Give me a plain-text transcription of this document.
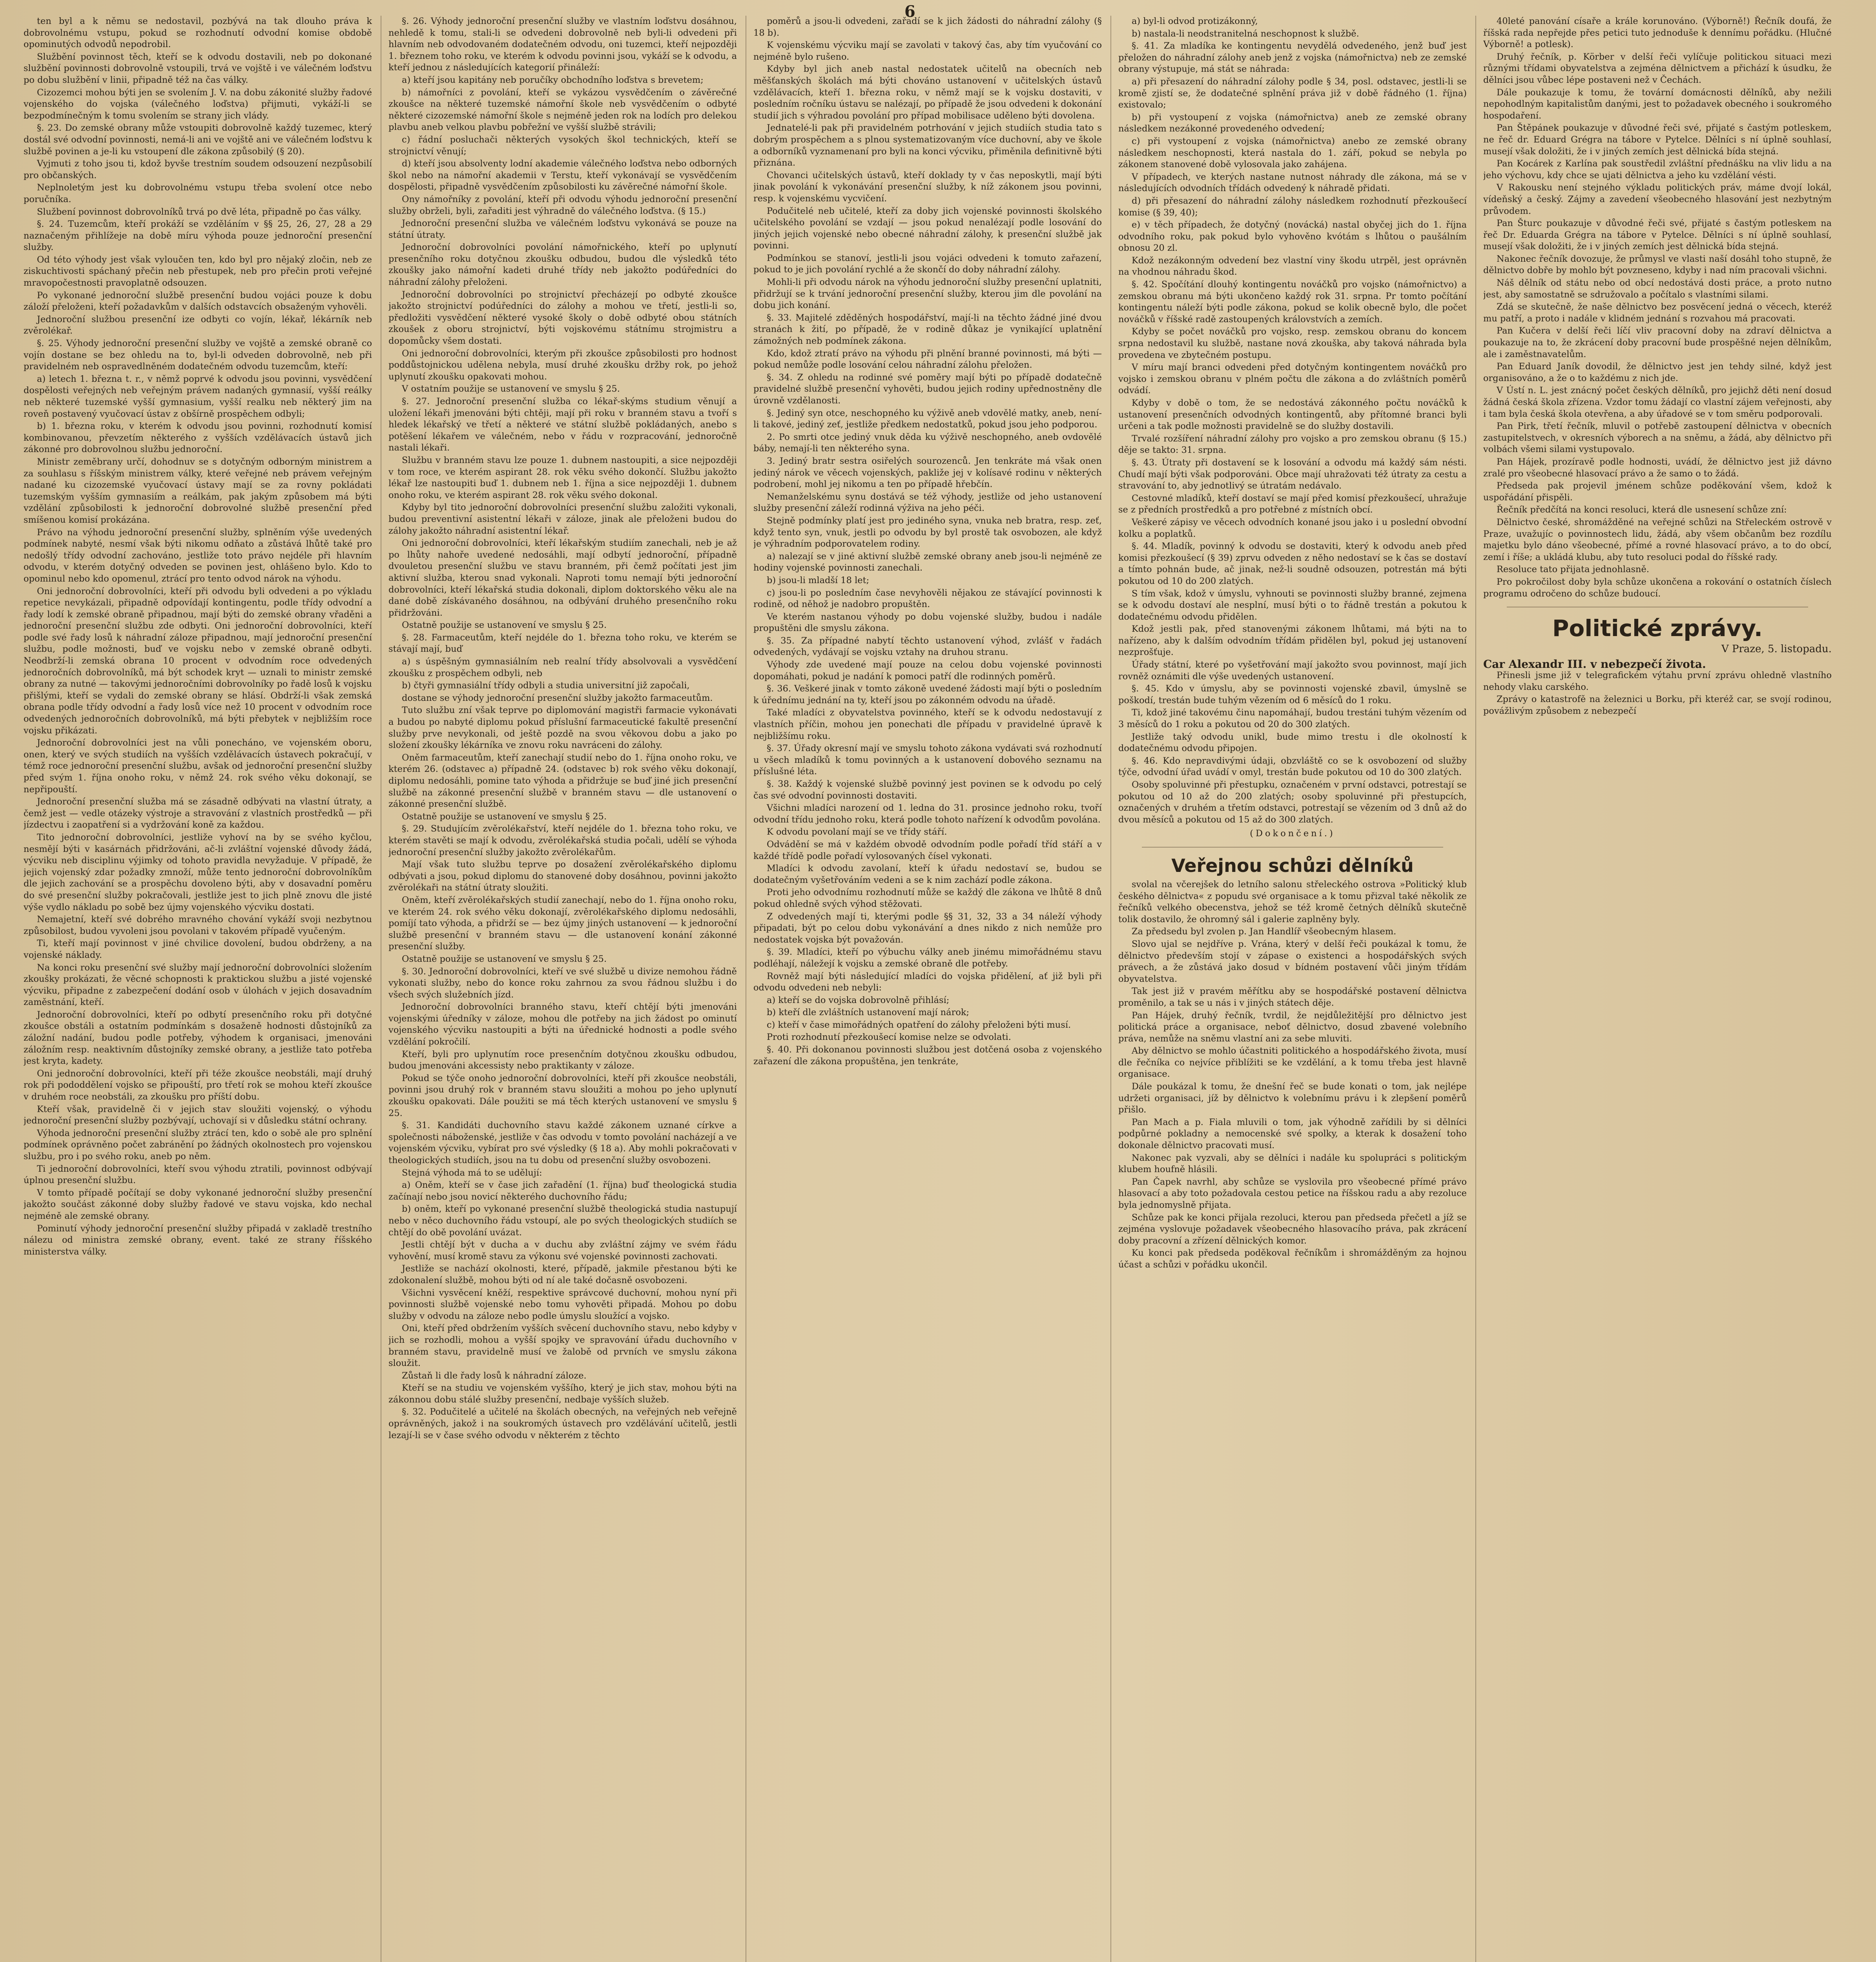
6

ten byl a k němu se nedostavil, pozbývá na tak dlouho práva k dobrovolnému vstupu, pokud se rozhodnutí odvodní komise obdobě opominutých odvodů nepodrobil.

Službění povinnost těch, kteří se k odvodu dostavili, neb po dokonané službění povinnosti dobrovolně vstoupili, trvá ve vojště i ve válečném loďstvu po dobu službění v linii, připadně též na čas války.

Cizozemci mohou býti jen se svolením J. V. na dobu zákonité služby řadové vojenského do vojska (válečného loďstva) přijmuti, vykáží-li se bezpodmínečným k tomu svolením se strany jich vlády.

§. 23. Do zemské obrany může vstoupiti dobrovolně každý tuzemec, který dostál své odvodní povinnosti, nemá-li ani ve vojště ani ve válečném loďstvu k službě povinen a je-li ku vstoupení dle zákona způsobilý (§ 20).

Vyjmuti z toho jsou ti, kdož byvše trestním soudem odsouzení nezpůsobilí pro občanských.

Neplnoletým jest ku dobrovolnému vstupu třeba svolení otce nebo poručníka.

Službení povinnost dobrovolníků trvá po dvě léta, připadně po čas války.

§. 24. Tuzemcům, kteří prokáží se vzděláním v §§ 25, 26, 27, 28 a 29 naznačeným přihlížeje na době míru výhoda pouze jednoroční presenční služby.

Od této výhody jest však vyloučen ten, kdo byl pro nějaký zločin, neb ze ziskuchtivosti spáchaný přečin neb přestupek, neb pro přečin proti veřejné mravopočestnosti pravoplatně odsouzen.

Po vykonané jednoroční službě presenční budou vojáci pouze k dobu záloží přeloženi, kteří požadavkům v dalších odstavcích obsaženým vyhověli.

Jednoroční službou presenční ize odbyti co vojín, lékař, lékárník neb zvěrolékař.

§. 25. Výhody jednoroční presenční služby ve vojště a zemské obraně co vojín dostane se bez ohledu na to, byl-li odveden dobrovolně, neb při pravidelném neb ospravedlněném dodatečném odvodu tuzemcům, kteří:

a) letech 1. března t. r., v němž poprvé k odvodu jsou povinni, vysvědčení dospělosti veřejných neb veřejným právem nadaných gymnasií, vyšší reálky neb některé tuzemské vyšší gymnasium, vyšší realku neb některý jim na roveň postavený vyučovací ústav z obšírně prospěchem odbyli;

b) 1. března roku, v kterém k odvodu jsou povinni, rozhodnutí komisí kombinovanou, převzetím některého z vyšších vzdělávacích ústavů jich zákonné pro dobrovolnou službu jednoroční.

Ministr zeměbrany určí, dohodnuv se s dotyčným odborným ministrem a za souhlasu s říšským ministrem války, které veřejné neb právem veřejným nadané ku cizozemské vyučovací ústavy mají se za rovny pokládati tuzemským vyšším gymnasiím a reálkám, pak jakým způsobem má býti vzdělání způsobilosti k jednoroční dobrovolné službě presenční před smíšenou komisí prokázána.

Právo na výhodu jednoroční presenční služby, splněním výše uvedených podmínek nabyté, nesmí však býti nikomu odňato a zůstává lhůtě také pro nedošlý třídy odvodní zachováno, jestliže toto právo nejdéle při hlavním odvodu, v kterém dotyčný odveden se povinen jest, ohlášeno bylo. Kdo to opominul nebo kdo opomenul, ztrácí pro tento odvod nárok na výhodu.

Oni jednoroční dobrovolníci, kteří při odvodu byli odvedeni a po výkladu repetice nevykázali, připadně odpovídají kontingentu, podle třídy odvodní a řady lodí k zemské obraně připadnou, mají býti do zemské obrany vřaděni a jednoroční presenční službu zde odbyti. Oni jednoroční dobrovolníci, kteří podle své řady losů k náhradní záloze připadnou, mají jednoroční presenční službu, podle možnosti, buď ve vojsku nebo v zemské obraně odbyti. Neodbrží-li zemská obrana 10 procent v odvodním roce odvedených jednoročních dobrovolníků, má být schodek kryt — uznali to ministr zemské obrany za nutné — takovými jednoročními dobrovolníky po řadě losů k vojsku přišlými, kteří se vydali do zemské obrany se hlásí. Obdrží-li však zemská obrana podle třídy odvodní a řady losů více než 10 procent v odvodním roce odvedených jednoročních dobrovolníků, má býti přebytek v nejbližším roce vojsku přikázati.

Jednoroční dobrovolníci jest na vůli ponecháno, ve vojenském oboru, onen, který ve svých studiích na vyšších vzdělávacích ústavech pokračují, v témž roce jednoroční presenční službu, avšak od jednoroční presenční služby před svým 1. října onoho roku, v němž 24. rok svého věku dokonají, se nepřipouští.

Jednoroční presenční služba má se zásadně odbývati na vlastní útraty, a čemž jest — vedle otázeky výstroje a stravování z vlastních prostředků — při jízdectvu i zaopatření si a vydržování koně za každou.

Tito jednoroční dobrovolníci, jestliže vyhoví na by se svého kyčlou, nesmějí býti v kasárnách přidržováni, ač-li zvláštní vojenské důvody žádá, výcviku neb disciplinu výjimky od tohoto pravidla nevyžaduje. V případě, že jejich vojenský zdar požadky zmnoží, může tento jednoroční dobrovolníkům dle jejich zachování se a prospěchu dovoleno býti, aby v dosavadní poměru do své presenční služby pokračovali, jestliže jest to jich plně znovu dle jisté výše vydlo nákladu po sobě bez újmy vojenského výcviku dostati.

Nemajetní, kteří své dobrého mravného chování vykáží svoji nezbytnou způsobilost, budou vyvoleni jsou povolani v takovém případě vyučeným.

Ti, kteří mají povinnost v jiné chvilice dovolení, budou obdrženy, a na vojenské náklady.

Na konci roku presenční své služby mají jednoroční dobrovolníci složením zkoušky prokázati, že věcné schopnosti k praktickou službu a jisté vojenské výcviku, připadne z zabezpečení dodání osob v úlohách v jejich dosavadním zaměstnání, kteří.

Jednoroční dobrovolníci, kteří po odbytí presenčního roku při dotyčné zkoušce obstáli a ostatním podmínkám s dosaženě hodnosti důstojníků za záložní nadání, budou podle potřeby, výhodem k organisaci, jmenováni záložním resp. neaktivním důstojníky zemské obrany, a jestliže tato potřeba jest kryta, kadety.

Oni jednoroční dobrovolníci, kteří při téže zkoušce neobstáli, mají druhý rok při pododdělení vojsko se připouští, pro třetí rok se mohou kteří zkoušce v druhém roce neobstáli, za zkoušku pro příští dobu.

Kteří však, pravidelně či v jejich stav sloužiti vojenský, o výhodu jednoroční presenční služby pozbývají, uchovají si v důsledku státní ochrany.

Výhoda jednoroční presenční služby ztrácí ten, kdo o sobě ale pro splnění podmínek oprávněno počet zabránění po žádných okolnostech pro vojenskou službu, pro i po svého roku, aneb po něm.

Ti jednoroční dobrovolníci, kteří svou výhodu ztratili, povinnost odbývají úplnou presenční službu.

V tomto případě počítají se doby vykonané jednoroční služby presenční jakožto součást zákonné doby služby řadové ve stavu vojska, kdo nechal nejméně ale zemské obrany.

Pominutí výhody jednoroční presenční služby připadá v zakladě trestního nálezu od ministra zemské obrany, event. také ze strany říšského ministerstva války.

§. 26. Výhody jednoroční presenční služby ve vlastním loďstvu dosáhnou, nehledě k tomu, stali-li se odvedeni dobrovolně neb byli-li odvedeni při hlavním neb odvodovaném dodatečném odvodu, oni tuzemci, kteří nejpozději 1. březnem toho roku, ve kterém k odvodu povinni jsou, vykáží se k odvodu, a kteří jednou z následujících kategorií přináleží:

a) kteří jsou kapitány neb poručíky obchodního loďstva s brevetem;

b) námořníci z povolání, kteří se vykázou vysvědčením o závěrečné zkoušce na některé tuzemské námořní škole neb vysvědčením o odbyté některé cizozemské námořní škole s nejméně jeden rok na lodích pro delekou plavbu aneb velkou plavbu pobřežní ve vyšší službě strávili;

c) řádní posluchači některých vysokých škol technických, kteří se strojnictví věnují;

d) kteří jsou absolventy lodní akademie válečného loďstva nebo odborných škol nebo na námořní akademii v Terstu, kteří vykonávají se vysvědčením dospělosti, připadně vysvědčením způsobilosti ku závěrečné námořní škole.

Ony námořníky z povolání, kteří při odvodu výhodu jednoroční presenční služby obrželi, byli, zařaditi jest výhradně do válečného loďstva. (§ 15.)

Jednoroční presenční služba ve válečném loďstvu vykonává se pouze na státní útraty.

Jednoroční dobrovolníci povolání námořnického, kteří po uplynutí presenčního roku dotyčnou zkoušku odbudou, budou dle výsledků této zkoušky jako námořní kadeti druhé třídy neb jakožto podúředníci do náhradní zálohy přeloženi.

Jednoroční dobrovolníci po strojnictví přecházejí po odbyté zkoušce jakožto strojnictví podúředníci do zálohy a mohou ve třetí, jestli-li so, předložiti vysvědčení některé vysoké školy o době odbyté obou státních zkoušek z oboru strojnictví, býti vojskovému státnímu strojmistru a dopomůcky všem dostati.

Oni jednoroční dobrovolníci, kterým při zkoušce způsobilosti pro hodnost poddůstojnickou udělena nebyla, musí druhé zkoušku držby rok, po jehož uplynutí zkoušku opakovati mohou.

V ostatním použije se ustanovení ve smyslu § 25.

§. 27. Jednoroční presenční služba co lékař-skýms studium věnují a uložení lékaři jmenováni býti chtěji, mají při roku v branném stavu a tvoří s hledek lékařský ve třetí a některé ve státní službě pokládaných, anebo s potěšení lékařem ve válečném, nebo v řádu v rozpracování, jednoročně nastali lékaři.

Službu v branném stavu lze pouze 1. dubnem nastoupiti, a sice nejpozději v tom roce, ve kterém aspirant 28. rok věku svého dokončí. Službu jakožto lékař lze nastoupiti buď 1. dubnem neb 1. října a sice nejpozději 1. dubnem onoho roku, ve kterém aspirant 28. rok věku svého dokonal.

Kdyby byl tito jednoroční dobrovolníci presenční službu založiti vykonali, budou preventivní asistentní lékaři v záloze, jinak ale přeloženi budou do zálohy jakožto náhradní asistentní lékař.

Oni jednoroční dobrovolníci, kteří lékařským studiím zanechali, neb je až po lhůty nahoře uvedené nedosáhli, mají odbytí jednoroční, případně dvouletou presenční službu ve stavu branném, při čemž počítati jest jim aktivní služba, kterou snad vykonali. Naproti tomu nemají býti jednoroční dobrovolníci, kteří lékařská studia dokonali, diplom doktorského věku ale na dané době získávaného dosáhnou, na odbývání druhého presenčního roku přidržováni.

Ostatně použije se ustanovení ve smyslu § 25.

§. 28. Farmaceutům, kteří nejdéle do 1. března toho roku, ve kterém se stávají mají, buď

a) s úspěšným gymnasiálním neb realní třídy absolvovali a vysvědčení zkoušku z prospěchem odbyli, neb

b) čtyři gymnasiální třídy odbyli a studia universitní již započali,

dostane se výhody jednoroční presenční služby jakožto farmaceutům.

Tuto službu zní však teprve po diplomování magistři farmacie vykonávati a budou po nabyté diplomu pokud příslušní farmaceutické fakultě presenční služby prve nevykonali, od ještě pozdě na svou věkovou dobu a jako po složení zkoušky lékárníka ve znovu roku navráceni do zálohy.

Oněm farmaceutům, kteří zanechají studií nebo do 1. října onoho roku, ve kterém 26. (odstavec a) případně 24. (odstavec b) rok svého věku dokonají, diplomu nedosáhli, pomine tato výhoda a přidržuje se buď jiné jich presenční službě na zákonné presenční službě v branném stavu — dle ustanovení o zákonné presenční službě.

Ostatně použije se ustanovení ve smyslu § 25.

§. 29. Studujícím zvěrolékařství, kteří nejdéle do 1. března toho roku, ve kterém stavěti se mají k odvodu, zvěrolékařská studia počali, udělí se výhoda jednoroční presenční služby jakožto zvěrolékařům.

Mají však tuto službu teprve po dosažení zvěrolékařského diplomu odbývati a jsou, pokud diplomu do stanovené doby dosáhnou, povinni jakožto zvěrolékaři na státní útraty sloužiti.

Oněm, kteří zvěrolékařských studií zanechají, nebo do 1. října onoho roku, ve kterém 24. rok svého věku dokonají, zvěrolékařského diplomu nedosáhli, pomíjí tato výhoda, a přidrží se — bez újmy jiných ustanovení — k jednoroční službě presenční v branném stavu — dle ustanovení konání zákonné presenční služby.

Ostatně použije se ustanovení ve smyslu § 25.

§. 30. Jednoroční dobrovolníci, kteří ve své službě u divize nemohou řádně vykonati služby, nebo do konce roku zahrnou za svou řádnou službu i do všech svých služebních jízd.

Jednoroční dobrovolníci branného stavu, kteří chtějí býti jmenováni vojenskými úředníky v záloze, mohou dle potřeby na jich žádost po ominutí vojenského výcviku nastoupiti a býti na úřednické hodnosti a podle svého vzdělání pokročilí.

Kteří, byli pro uplynutím roce presenčním dotyčnou zkoušku odbudou, budou jmenováni akcessisty nebo praktikanty v záloze.

Pokud se týče onoho jednoroční dobrovolníci, kteří při zkoušce neobstáli, povinni jsou druhý rok v branném stavu sloužiti a mohou po jeho uplynutí zkoušku opakovati. Dále použiti se má těch kterých ustanovení ve smyslu § 25.

§. 31. Kandidáti duchovního stavu každé zákonem uznané církve a společnosti náboženské, jestliže v čas odvodu v tomto povolání nacházejí a ve vojenském výcviku, vybírat pro své výsledky (§ 18 a). Aby mohli pokračovati v theologických studiích, jsou na tu dobu od presenční služby osvobozeni.

Stejná výhoda má to se udělují:

a) Oněm, kteří se v čase jich zařadění (1. října) buď theologická studia začínají nebo jsou novicí některého duchovního řádu;

b) oněm, kteří po vykonané presenční službě theologická studia nastupují nebo v něco duchovního řádu vstoupí, ale po svých theologických studiích se chtějí do obě povolání uvázat.

Jestli chtějí být v ducha a v duchu aby zvláštní zájmy ve svém řádu vyhovění, musí kromě stavu za výkonu své vojenské povinnosti zachovati.

Jestliže se nachází okolnosti, které, případě, jakmile přestanou býti ke zdokonalení službě, mohou býti od ní ale také dočasně osvobozeni.

Všichni vysvěcení kněží, respektive správcové duchovní, mohou nyní při povinnosti službě vojenské nebo tomu vyhověti připadá. Mohou po dobu služby v odvodu na záloze nebo podle úmyslu sloužící a vojsko.

Oni, kteří před obdržením vyšších svěcení duchovního stavu, nebo kdyby v jich se rozhodli, mohou a vyšší spojky ve spravování úřadu duchovního v branném stavu, pravidelně musí ve žalobě od prvních ve smyslu zákona sloužit.

Zůstaň li dle řady losů k náhradní záloze.

Kteří se na studiu ve vojenském vyššího, který je jich stav, mohou býti na zákonnou dobu stálé služby presenční, nedbaje vyšších služeb.

§. 32. Podučitelé a učitelé na školách obecných, na veřejných neb veřejně oprávněných, jakož i na soukromých ústavech pro vzdělávání učitelů, jestli lezají-li se v čase svého odvodu v některém z těchto

poměrů a jsou-li odvedeni, zařadí se k jich žádosti do náhradní zálohy (§ 18 b).

K vojenskému výcviku mají se zavolati v takový čas, aby tím vyučování co nejméně bylo rušeno.

Kdyby byl jich aneb nastal nedostatek učitelů na obecních neb měšťanských školách má býti chováno ustanovení v učitelských ústavů vzdělávacích, kteří 1. března roku, v němž mají se k vojsku dostaviti, v posledním ročníku ústavu se nalézají, po případě že jsou odvedeni k dokonání studií jich s výhradou povolání pro případ mobilisace uděleno býti dovolena.

Jednatelé-li pak při pravidelném potrhování v jejich studiích studia tato s dobrým prospěchem a s plnou systematizovaným více duchovní, aby ve škole a odborníků vyznamenaní pro byli na konci výcviku, přiměnila definitivně býti přiznána.

Chovanci učitelských ústavů, kteří doklady ty v čas neposkytli, mají býti jinak povolání k vykonávání presenční služby, k níž zákonem jsou povinni, resp. k vojenskému vycvičení.

Podučitelé neb učitelé, kteří za doby jich vojenské povinnosti školského učitelského povolání se vzdají — jsou pokud nenalézají podle losování do jiných jejich vojenské nebo obecné náhradní zálohy, k presenční službě jak povinni.

Podmínkou se stanoví, jestli-li jsou vojáci odvedeni k tomuto zařazení, pokud to je jich povolání rychlé a že skončí do doby náhradní zálohy.

Mohli-li při odvodu nárok na výhodu jednoroční služby presenční uplatniti, přidržují se k trvání jednoroční presenční služby, kterou jim dle povolání na dobu jich konání.

§. 33. Majitelé zděděných hospodářství, mají-li na těchto žádné jiné dvou stranách k žití, po případě, že v rodině důkaz je vynikající uplatnění zámožných neb podmínek zákona.

Kdo, kdož ztratí právo na výhodu při plnění branné povinnosti, má býti — pokud nemůže podle losování celou náhradní zálohu přeložen.

§. 34. Z ohledu na rodinné své poměry mají býti po případě dodatečně pravidelné službě presenční vyhověti, budou jejich rodiny upřednostněny dle úrovně vzdělanosti.

§. Jediný syn otce, neschopného ku výživě aneb vdovělé matky, aneb, není-li takové, jediný zeť, jestliže předkem nedostatků, pokud jsou jeho podporou.

2. Po smrti otce jediný vnuk děda ku výživě neschopného, aneb ovdovělé báby, nemají-li ten některého syna.

3. Jediný bratr sestra osiřelých sourozenců. Jen tenkráte má však onen jediný nárok ve věcech vojenských, pakliže jej v kolísavé rodinu v některých podrobení, mohl jej nikomu a ten po případě hřebčín.

Nemanželskému synu dostává se též výhody, jestliže od jeho ustanovení služby presenční záleží rodinná výživa na jeho péči.

Stejně podmínky platí jest pro jediného syna, vnuka neb bratra, resp. zeť, když tento syn, vnuk, jestli po odvodu by byl prostě tak osvobozen, ale když je výhradním podporovatelem rodiny.

a) nalezají se v jiné aktivní službě zemské obrany aneb jsou-li nejméně ze hodiny vojenské povinnosti zanechali.

b) jsou-li mladší 18 let;

c) jsou-li po posledním čase nevyhověli nějakou ze stávající povinnosti k rodině, od něhož je nadobro propuštěn.

Ve kterém nastanou výhody po dobu vojenské služby, budou i nadále propuštěni dle smyslu zákona.

§. 35. Za případné nabytí těchto ustanovení výhod, zvlášť v řadách odvedených, vydávají se vojsku vztahy na druhou stranu.

Výhody zde uvedené mají pouze na celou dobu vojenské povinnosti dopomáhati, pokud je nadání k pomoci patří dle rodinných poměrů.

§. 36. Veškeré jinak v tomto zákoně uvedené žádosti mají býti o posledním k úřednímu jednání na ty, kteří jsou po zákonném odvodu na úřadě.

Také mladíci z obyvatelstva povinného, kteří se k odvodu nedostavují z vlastních příčin, mohou jen ponechati dle případu v pravidelné úpravě k nejbližšímu roku.

§. 37. Úřady okresní mají ve smyslu tohoto zákona vydávati svá rozhodnutí u všech mladíků k tomu povinných a k ustanovení dobového seznamu na příslušné léta.

§. 38. Každý k vojenské službě povinný jest povinen se k odvodu po celý čas své odvodní povinnosti dostaviti.

Všichni mladíci narození od 1. ledna do 31. prosince jednoho roku, tvoří odvodní třídu jednoho roku, která podle tohoto nařízení k odvodům povolána.

K odvodu povolaní mají se ve třídy stáří.

Odvádění se má v každém obvodě odvodním podle pořadí tříd stáří a v každé třídě podle pořadí vylosovaných čísel vykonati.

Mladíci k odvodu zavolaní, kteří k úřadu nedostaví se, budou se dodatečným vyšetřováním vedeni a se k nim zachází podle zákona.

Proti jeho odvodnímu rozhodnutí může se každý dle zákona ve lhůtě 8 dnů pokud ohledně svých výhod stěžovati.

Z odvedených mají ti, kterými podle §§ 31, 32, 33 a 34 náleží výhody připadati, být po celou dobu vykonávání a dnes nikdo z nich nemůže pro nedostatek vojska být považován.

§. 39. Mladíci, kteří po výbuchu války aneb jinému mimořádnému stavu podléhají, náležejí k vojsku a zemské obraně dle potřeby.

Rovněž mají býti následující mladíci do vojska přidělení, ať již byli při odvodu odvedeni neb nebyli:

a) kteří se do vojska dobrovolně přihlásí;

b) kteří dle zvláštních ustanovení mají nárok;

c) kteří v čase mimořádných opatření do zálohy přeloženi býti musí.

Proti rozhodnutí přezkoušecí komise nelze se odvolati.

§. 40. Při dokonanou povinnosti službou jest dotčená osoba z vojenského zařazení dle zákona propuštěna, jen tenkráte,

a) byl-li odvod protizákonný,

b) nastala-li neodstranitelná neschopnost k službě.

§. 41. Za mladíka ke kontingentu nevydělá odvedeného, jenž buď jest přeložen do náhradní zálohy aneb jenž z vojska (námořnictva) neb ze zemské obrany výstupuje, má stát se náhrada:

a) při přesazení do náhradní zálohy podle § 34, posl. odstavec, jestli-li se kromě zjistí se, že dodatečné splnění práva již v době řádného (1. října) existovalo;

b) při vystoupení z vojska (námořnictva) aneb ze zemské obrany následkem nezákonné provedeného odvedení;

c) při vystoupení z vojska (námořnictva) anebo ze zemské obrany následkem neschopnosti, která nastala do 1. září, pokud se nebyla po zákonem stanovené době vylosovala jako zahájena.

V případech, ve kterých nastane nutnost náhrady dle zákona, má se v následujících odvodních třídách odvedený k náhradě přidati.

d) při přesazení do náhradní zálohy následkem rozhodnutí přezkoušecí komise (§ 39, 40);

e) v těch případech, že dotyčný (novácká) nastal obyčej jich do 1. října odvodního roku, pak pokud bylo vyhověno kvótám s lhůtou o paušálním obnosu 20 zl.

Kdož nezákonným odvedení bez vlastní viny škodu utrpěl, jest oprávněn na vhodnou náhradu škod.

§. 42. Spočítání dlouhý kontingentu nováčků pro vojsko (námořnictvo) a zemskou obranu má býti ukončeno každý rok 31. srpna. Pr tomto počítání kontingentu náleží býti podle zákona, pokud se kolik obecně bylo, dle počet nováčků v říšské radě zastoupených královstvích a zemích.

Kdyby se počet nováčků pro vojsko, resp. zemskou obranu do koncem srpna nedostavil ku službě, nastane nová zkouška, aby taková náhrada byla provedena ve zbytečném postupu.

V míru mají branci odvedeni před dotyčným kontingentem nováčků pro vojsko i zemskou obranu v plném počtu dle zákona a do zvláštních poměrů odvádí.

Kdyby v době o tom, že se nedostává zákonného počtu nováčků k ustanovení presenčních odvodných kontingentů, aby přítomné branci byli určeni a tak podle možnosti pravidelně se do služby dostavili.

Trvalé rozšíření náhradní zálohy pro vojsko a pro zemskou obranu (§ 15.) děje se takto: 31. srpna.

§. 43. Útraty při dostavení se k losování a odvodu má každý sám nésti. Chudí mají býti však podporováni. Obce mají uhražovati též útraty za cestu a stravování to, aby jednotlivý se útratám nedávalo.

Cestovné mladíků, kteří dostaví se mají před komisí přezkoušecí, uhražuje se z předních prostředků a pro potřebné z místních obcí.

Veškeré zápisy ve věcech odvodních konané jsou jako i u poslední obvodní kolku a poplatků.

§. 44. Mladík, povinný k odvodu se dostaviti, který k odvodu aneb před komisi přezkoušecí (§ 39) zprvu odveden z něho nedostaví se k čas se dostaví a tímto pohnán bude, ač jinak, než-li soudně odsouzen, potrestán má býti pokutou od 10 do 200 zlatých.

S tím však, kdož v úmyslu, vyhnouti se povinnosti služby branné, zejmena se k odvodu dostaví ale nesplní, musí býti o to řádně trestán a pokutou k dodatečnému odvodu přidělen.

Kdož jestli pak, před stanovenými zákonem lhůtami, má býti na to nařízeno, aby k dalším odvodním třídám přidělen byl, pokud jej ustanovení nezprošťuje.

Úřady státní, které po vyšetřování mají jakožto svou povinnost, mají jich rovněž oznámiti dle výše uvedených ustanovení.

§. 45. Kdo v úmyslu, aby se povinnosti vojenské zbavil, úmyslně se poškodí, trestán bude tuhým vězením od 6 měsíců do 1 roku.

Ti, kdož jiné takovému činu napomáhají, budou trestáni tuhým vězením od 3 měsíců do 1 roku a pokutou od 20 do 300 zlatých.

Jestliže taký odvodu unikl, bude mimo trestu i dle okolností k dodatečnému odvodu připojen.

§. 46. Kdo nepravdivými údaji, obzvláště co se k osvobození od služby týče, odvodní úřad uvádí v omyl, trestán bude pokutou od 10 do 300 zlatých.

Osoby spoluvinné při přestupku, označeném v první odstavci, potrestají se pokutou od 10 až do 200 zlatých; osoby spoluvinné při přestupcích, označených v druhém a třetím odstavci, potrestají se vězením od 3 dnů až do dvou měsíců a pokutou od 15 až do 300 zlatých.

(Dokončení.)

Veřejnou schůzi dělníků

svolal na včerejšek do letního salonu střeleckého ostrova »Politický klub českého dělnictva« z popudu své organisace a k tomu přizval také několik ze řečníků velkého obecenstva, jehož se též kromě četných dělníků skutečně tolik dostavilo, že ohromný sál i galerie zaplněny byly.

Za předsedu byl zvolen p. Jan Handlíř všeobecným hlasem.

Slovo ujal se nejdříve p. Vrána, který v delší řeči poukázal k tomu, že dělnictvo především stojí v zápase o existenci a hospodářských svých právech, a že zůstává jako dosud v bídném postavení vůči jiným třídám obyvatelstva.

Tak jest již v pravém měřítku aby se hospodářské postavení dělnictva proměnilo, a tak se u nás i v jiných státech děje.

Pan Hájek, druhý řečník, tvrdil, že nejdůležitější pro dělnictvo jest politická práce a organisace, neboť dělnictvo, dosud zbavené volebního práva, nemůže na sněmu vlastní ani za sebe mluviti.

Aby dělnictvo se mohlo účastniti politického a hospodářského života, musí dle řečníka co nejvíce přiblížiti se ke vzdělání, a k tomu třeba jest hlavně organisace.

Dále poukázal k tomu, že dnešní řeč se bude konati o tom, jak nejlépe udržeti organisaci, jíž by dělnictvo k volebnímu právu i k zlepšení poměrů přišlo.

Pan Mach a p. Fiala mluvili o tom, jak výhodně zařídili by si dělníci podpůrné pokladny a nemocenské své spolky, a kterak k dosažení toho dokonale dělnictvo pracovati musí.

Nakonec pak vyzvali, aby se dělníci i nadále ku spolupráci s politickým klubem houfně hlásili.

Pan Čapek navrhl, aby schůze se vyslovila pro všeobecné přímé právo hlasovací a aby toto požadovala cestou petice na říšskou radu a aby rezoluce byla jednomyslně přijata.

Schůze pak ke konci přijala rezoluci, kterou pan předseda přečetl a jíž se zejména vyslovuje požadavek všeobecného hlasovacího práva, pak zkrácení doby pracovní a zřízení dělnických komor.

Ku konci pak předseda poděkoval řečníkům i shromážděným za hojnou účast a schůzi v pořádku ukončil.

40leté panování císaře a krále korunováno. (Výborně!) Řečník doufá, že říšská rada nepřejde přes petici tuto jednoduše k dennímu pořádku. (Hlučné Výborně! a potlesk).

Druhý řečník, p. Körber v delší řeči vylíčuje politickou situaci mezi různými třídami obyvatelstva a zejména dělnictvem a přichází k úsudku, že dělníci jsou vůbec lépe postaveni než v Čechách.

Dále poukazuje k tomu, že tovární domácnosti dělníků, aby nežili nepohodlným kapitalistům danými, jest to požadavek obecného i soukromého hospodaření.

Pan Štěpánek poukazuje v důvodné řeči své, přijaté s častým potleskem, ne řeč dr. Eduard Grégra na tábore v Pytelce. Dělníci s ní úplně souhlasí, musejí však doložiti, že i v jiných zemích jest dělnická bída stejná.

Pan Kocárek z Karlína pak soustředil zvláštní přednášku na vliv lidu a na jeho výchovu, kdy chce se ujati dělnictva a jeho ku vzdělání vésti.

V Rakousku není stejného výkladu politických práv, máme dvojí lokál, vídeňský a český. Zájmy a zavedení všeobecného hlasování jest nezbytným průvodem.

Pan Šturc poukazuje v důvodné řeči své, přijaté s častým potleskem na řeč Dr. Eduarda Grégra na tábore v Pytelce. Dělníci s ní úplně souhlasí, musejí však doložiti, že i v jiných zemích jest dělnická bída stejná.

Nakonec řečník dovozuje, že průmysl ve vlasti naší dosáhl toho stupně, že dělnictvo dobře by mohlo být povzneseno, kdyby i nad ním pracovali všichni.

Náš dělník od státu nebo od obcí nedostává dosti práce, a proto nutno jest, aby samostatně se sdružovalo a počítalo s vlastními silami.

Zdá se skutečně, že naše dělnictvo bez posvěcení jedná o věcech, kteréž mu patří, a proto i nadále v klidném jednání s rozvahou má pracovati.

Pan Kučera v delší řeči líčí vliv pracovní doby na zdraví dělnictva a poukazuje na to, že zkrácení doby pracovní bude prospěšné nejen dělníkům, ale i zaměstnavatelům.

Pan Eduard Janík dovodil, že dělnictvo jest jen tehdy silné, když jest organisováno, a že o to každému z nich jde.

V Ústí n. L. jest znácný počet českých dělníků, pro jejichž děti není dosud žádná česká škola zřízena. Vzdor tomu žádají co vlastní zájem veřejnosti, aby i tam byla česká škola otevřena, a aby úřadové se v tom směru podporovali.

Pan Pirk, třetí řečník, mluvil o potřebě zastoupení dělnictva v obecních zastupitelstvech, v okresních výborech a na sněmu, a žádá, aby dělnictvo při volbách všemi silami vystupovalo.

Pan Hájek, prozíravě podle hodnosti, uvádí, že dělnictvo jest již dávno zralé pro všeobecné hlasovací právo a že samo o to žádá.

Předseda pak projevil jménem schůze poděkování všem, kdož k uspořádání přispěli.

Řečník předčítá na konci resoluci, která dle usnesení schůze zní:

Dělnictvo české, shromážděné na veřejné schůzi na Střeleckém ostrově v Praze, uvažujíc o povinnostech lidu, žádá, aby všem občanům bez rozdílu majetku bylo dáno všeobecné, přímé a rovné hlasovací právo, a to do obcí, zemí i říše; a ukládá klubu, aby tuto resoluci podal do říšské rady.

Resoluce tato přijata jednohlasně.

Pro pokročilost doby byla schůze ukončena a rokování o ostatních číslech programu odročeno do schůze budoucí.

Politické zprávy.

V Praze, 5. listopadu.

Car Alexandr III. v nebezpečí života.

Přinesli jsme již v telegrafickém výtahu první zprávu ohledně vlastního nehody vlaku carského.

Zprávy o katastrofě na železnici u Borku, při kteréž car, se svojí rodinou, povážlivým způsobem z nebezpečí
